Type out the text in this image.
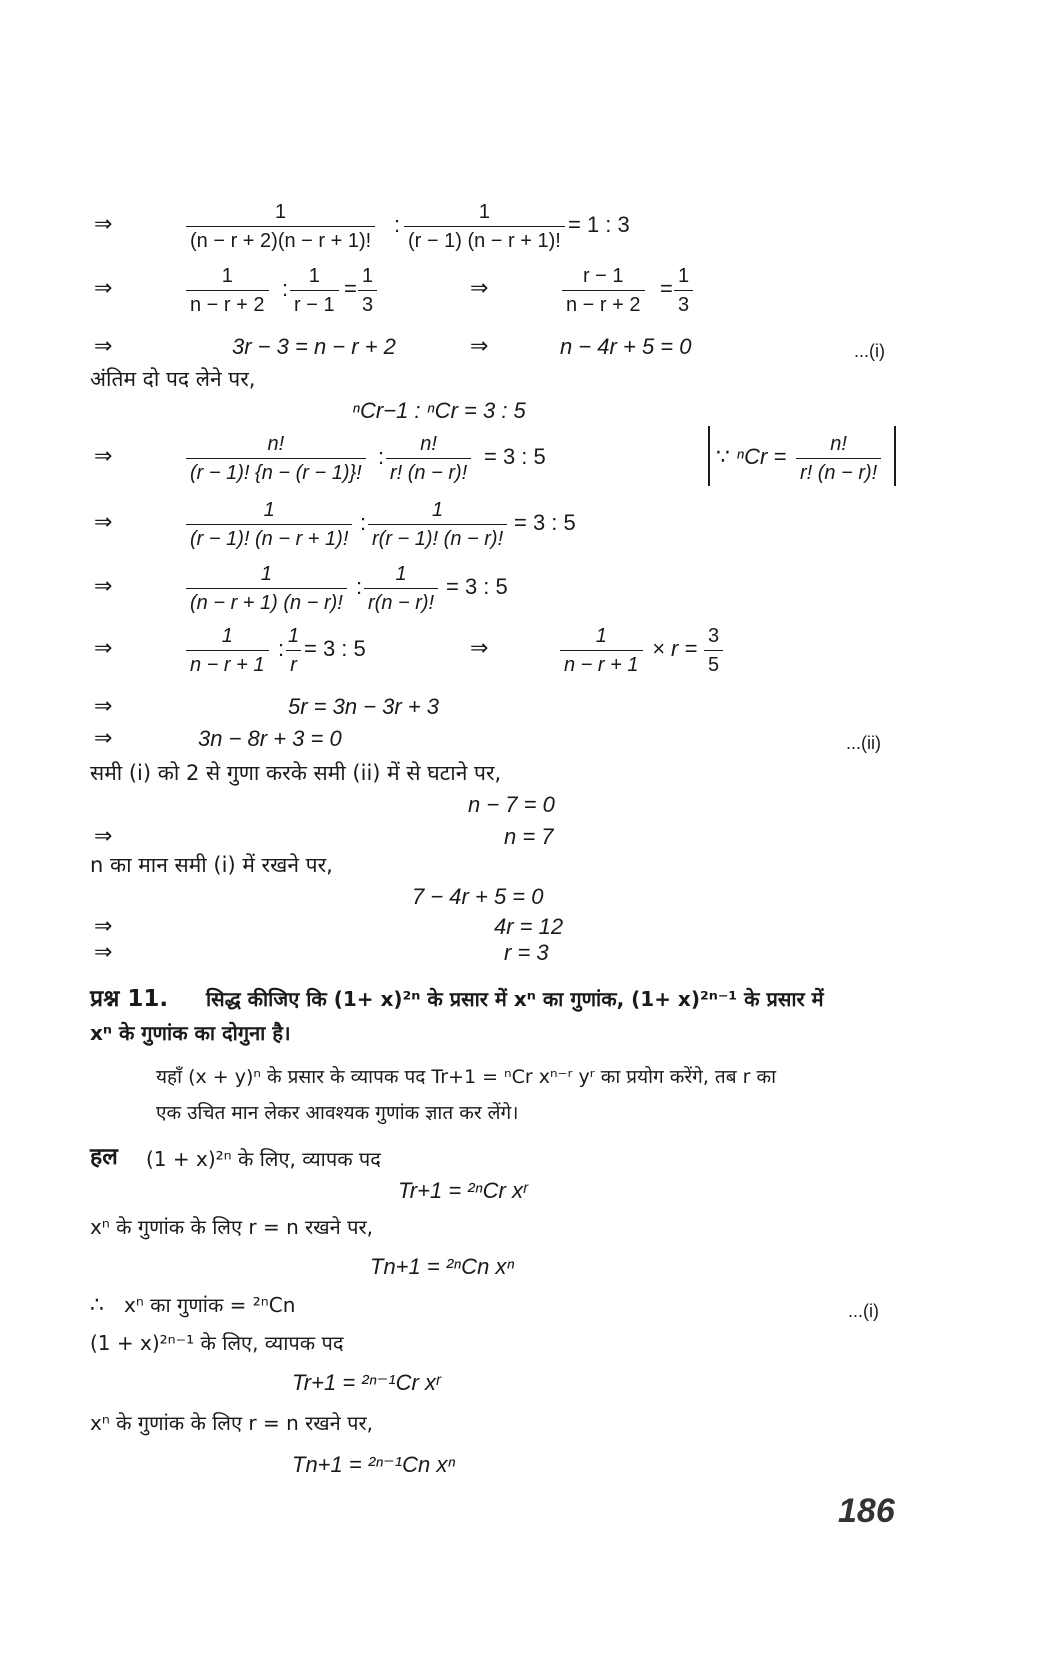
⇒	$\frac{1}{(n - r + 2)(n - r + 1)!}$ : $\frac{1}{(r - 1) (n - r + 1)!} = 1$ : 3
⇒	$\frac{1}{n - r + 2}$ : $\frac{1}{r - 1} = \frac{1}{3}$	⇒	$\frac{r - 1}{n - r + 2} = \frac{1}{3}$
⇒	3r − 3 = n − r + 2	⇒	n − 4r + 5 = 0	...(i)
अंतिम दो पद लेने पर,
ⁿCr−1 : ⁿCr = 3 : 5
⇒	$\frac{n!}{(r - 1)! \{n - (r - 1)\}!}$ : $\frac{n!}{r! (n - r)!} = 3$ : 5	∵ $^nCr = \frac{n!}{r! (n - r)!}$
⇒	$\frac{1}{(r - 1)! (n - r + 1)!}$ : $\frac{1}{r(r - 1)! (n - r)!} = 3$ : 5
⇒	$\frac{1}{(n - r + 1) (n - r)!}$ : $\frac{1}{r(n - r)!} = 3$ : 5
⇒	$\frac{1}{n - r + 1}$ : $\frac{1}{r} = 3$ : 5	⇒	$\frac{1}{n - r + 1} \times r = \frac{3}{5}$
⇒	5r = 3n − 3r + 3
⇒	3n − 8r + 3 = 0	...(ii)
समी (i) को 2 से गुणा करके समी (ii) में से घटाने पर,
n − 7 = 0
⇒	n = 7
n का मान समी (i) में रखने पर,
7 − 4r + 5 = 0
⇒	4r = 12
⇒	r = 3
प्रश्न 11. सिद्ध कीजिए कि (1+ x)²ⁿ के प्रसार में xⁿ का गुणांक, (1+ x)²ⁿ⁻¹ के प्रसार में
xⁿ के गुणांक का दोगुना है।
यहाँ (x + y)ⁿ के प्रसार के व्यापक पद Tr+1 = ⁿCr xⁿ⁻ʳ yʳ का प्रयोग करेंगे, तब r का
एक उचित मान लेकर आवश्यक गुणांक ज्ञात कर लेंगे।
हल (1 + x)²ⁿ के लिए, व्यापक पद
Tr+1 = ²ⁿCr xʳ
xⁿ के गुणांक के लिए r = n रखने पर,
Tn+1 = ²ⁿCn xⁿ
∴ xⁿ का गुणांक = ²ⁿCn	...(i)
(1 + x)²ⁿ⁻¹ के लिए, व्यापक पद
Tr+1 = ²ⁿ⁻¹Cr xʳ
xⁿ के गुणांक के लिए r = n रखने पर,
Tn+1 = ²ⁿ⁻¹Cn xⁿ
186
